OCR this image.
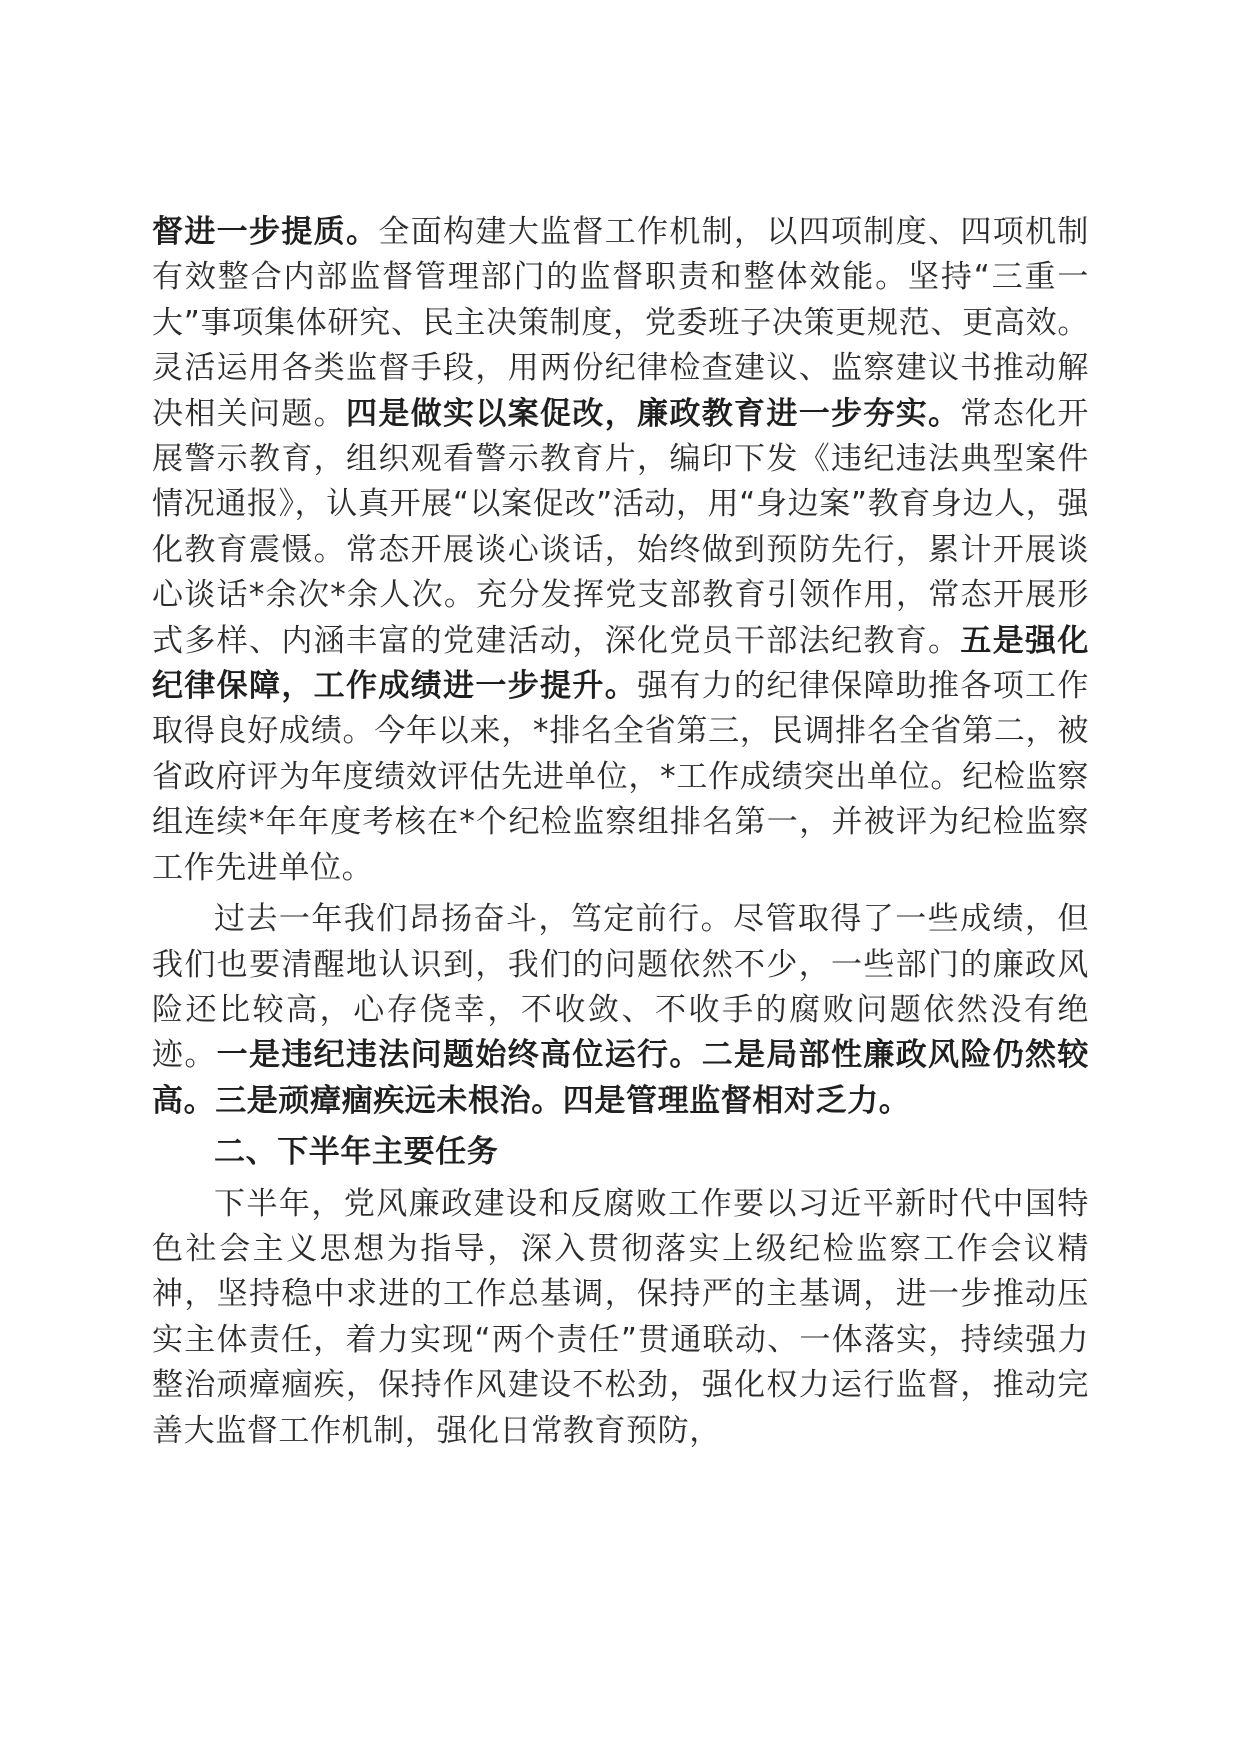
督进一步提质。全面构建大监督工作机制，以四项制度、四项机制有效整合内部监督管理部门的监督职责和整体效能。坚持“三重一大”事项集体研究、民主决策制度，党委班子决策更规范、更高效。灵活运用各类监督手段，用两份纪律检查建议、监察建议书推动解决相关问题。四是做实以案促改，廉政教育进一步夯实。常态化开展警示教育，组织观看警示教育片，编印下发《违纪违法典型案件情况通报》，认真开展“以案促改”活动，用“身边案”教育身边人，强化教育震慑。常态开展谈心谈话，始终做到预防先行，累计开展谈心谈话*余次*余人次。充分发挥党支部教育引领作用，常态开展形式多样、内涵丰富的党建活动，深化党员干部法纪教育。五是强化纪律保障，工作成绩进一步提升。强有力的纪律保障助推各项工作取得良好成绩。今年以来，*排名全省第三，民调排名全省第二，被省政府评为年度绩效评估先进单位，*工作成绩突出单位。纪检监察组连续*年年度考核在*个纪检监察组排名第一，并被评为纪检监察工作先进单位。

过去一年我们昂扬奋斗，笃定前行。尽管取得了一些成绩，但我们也要清醒地认识到，我们的问题依然不少，一些部门的廉政风险还比较高，心存侥幸，不收敛、不收手的腐败问题依然没有绝迹。一是违纪违法问题始终高位运行。二是局部性廉政风险仍然较高。三是顽瘴痼疾远未根治。四是管理监督相对乏力。

二、下半年主要任务

下半年，党风廉政建设和反腐败工作要以习近平新时代中国特色社会主义思想为指导，深入贯彻落实上级纪检监察工作会议精神，坚持稳中求进的工作总基调，保持严的主基调，进一步推动压实主体责任，着力实现“两个责任”贯通联动、一体落实，持续强力整治顽瘴痼疾，保持作风建设不松劲，强化权力运行监督，推动完善大监督工作机制，强化日常教育预防，
